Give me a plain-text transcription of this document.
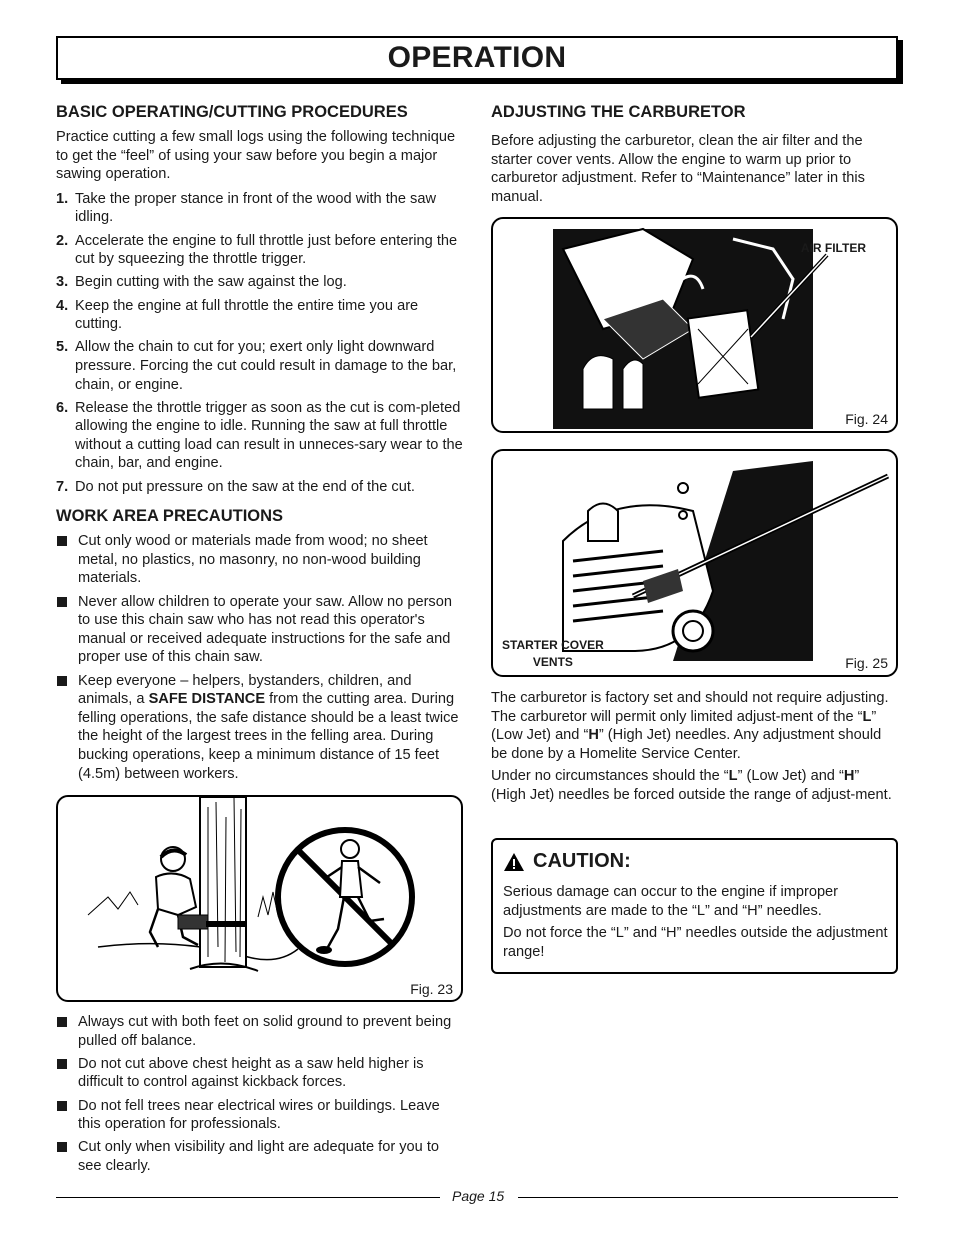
OPERATION
BASIC OPERATING/CUTTING PROCEDURES

Practice cutting a few small logs using the following technique to get the “feel” of using your saw before you begin a major sawing operation.

1. Take the proper stance in front of the wood with the saw idling.
2. Accelerate the engine to full throttle just before entering the cut by squeezing the throttle trigger.
3. Begin cutting with the saw against the log.
4. Keep the engine at full throttle the entire time you are cutting.
5. Allow the chain to cut for you; exert only light downward pressure. Forcing the cut could result in damage to the bar, chain, or engine.
6. Release the throttle trigger as soon as the cut is com-pleted allowing the engine to idle. Running the saw at full throttle without a cutting load can result in unneces-sary wear to the chain, bar, and engine.
7. Do not put pressure on the saw at the end of the cut.
WORK AREA PRECAUTIONS
Cut only wood or materials made from wood; no sheet metal, no plastics, no masonry, no non-wood building materials.
Never allow children to operate your saw. Allow no person to use this chain saw who has not read this operator's manual or received adequate instructions for the safe and proper use of this chain saw.
Keep everyone – helpers, bystanders, children, and animals, a SAFE DISTANCE from the cutting area. During felling operations, the safe distance should be a least twice the height of the largest trees in the felling area. During bucking operations, keep a minimum distance of 15 feet (4.5m) between workers.
Fig. 23
Always cut with both feet on solid ground to prevent being pulled off balance.
Do not cut above chest height as a saw held higher is difficult to control against kickback forces.
Do not fell trees near electrical wires or buildings. Leave this operation for professionals.
Cut only when visibility and light are adequate for you to see clearly.
ADJUSTING THE CARBURETOR

Before adjusting the carburetor, clean the air filter and the starter cover vents. Allow the engine to warm up prior to carburetor adjustment. Refer to “Maintenance” later in this manual.

AIR FILTER
Fig. 24
STARTER COVER
VENTS	Fig. 25

The carburetor is factory set and should not require adjusting. The carburetor will permit only limited adjust-ment of the “L” (Low Jet) and “H” (High Jet) needles. Any adjustment should be done by a Homelite Service Center.

Under no circumstances should the “L” (Low Jet) and “H” (High Jet) needles be forced outside the range of adjust-ment.

CAUTION:

Serious damage can occur to the engine if improper adjustments are made to the “L” and “H” needles.

Do not force the “L” and “H” needles outside the adjustment range!

Page 15
